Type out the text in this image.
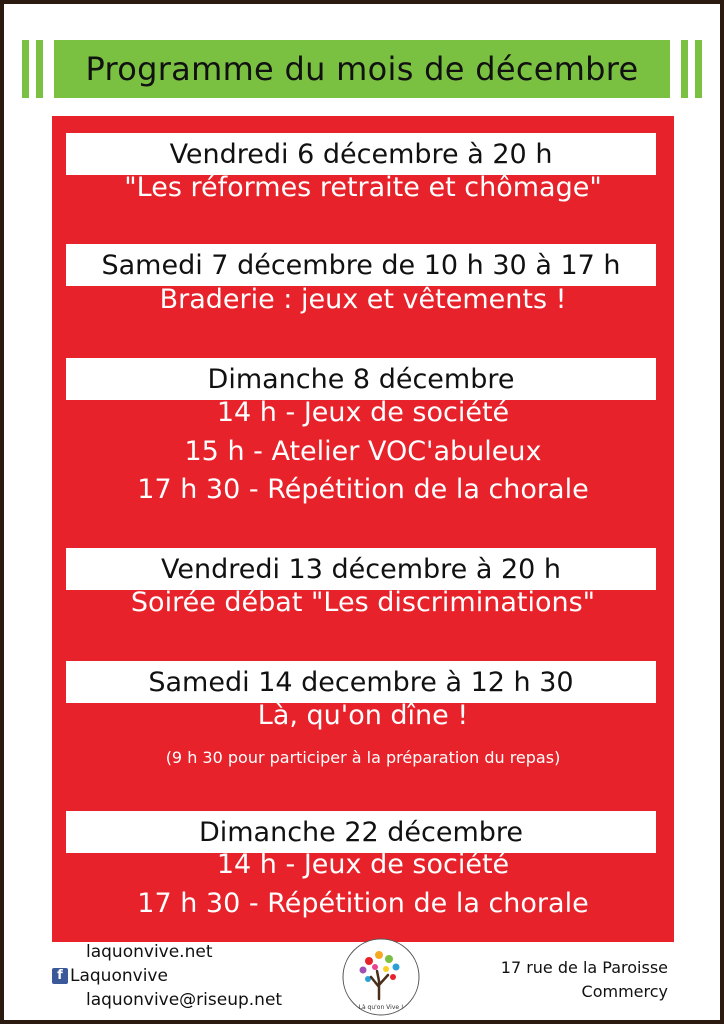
Programme du mois de décembre
Vendredi 6 décembre à 20 h
"Les réformes retraite et chômage"
Samedi 7 décembre de 10 h 30 à 17 h
Braderie : jeux et vêtements !
Dimanche 8 décembre
14 h - Jeux de société
15 h - Atelier VOC'abuleux
17 h 30 - Répétition de la chorale
Vendredi 13 décembre à 20 h
Soirée débat "Les discriminations"
Samedi 14 decembre à 12 h 30
Là, qu'on dîne !
(9 h 30 pour participer à la préparation du repas)
Dimanche 22 décembre
14 h - Jeux de société
17 h 30 - Répétition de la chorale
laquonvive.net
f Laquonvive
laquonvive@riseup.net	Là qu'on Vive !
17 rue de la Paroisse
Commercy
